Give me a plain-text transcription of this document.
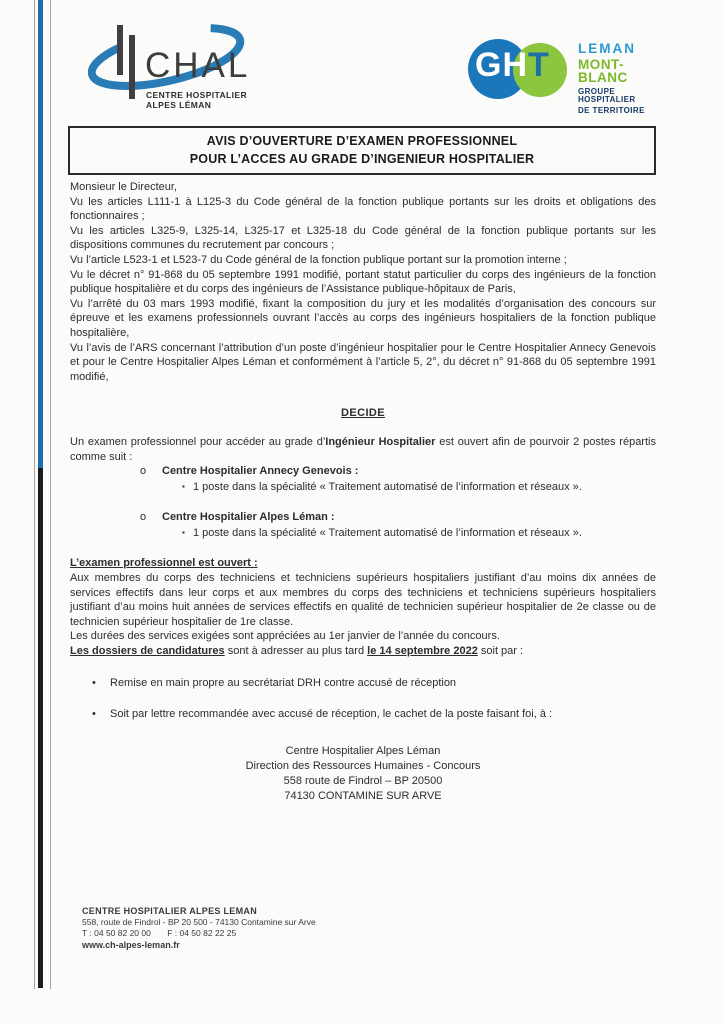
CHAL
CENTRE HOSPITALIER
ALPES LÉMAN
GHT LEMAN
MONT-BLANC
GROUPE HOSPITALIER
DE TERRITOIRE
AVIS D’OUVERTURE D’EXAMEN PROFESSIONNEL
POUR L’ACCES AU GRADE D’INGENIEUR HOSPITALIER

Monsieur le Directeur,

Vu les articles L111-1 à L125-3 du Code général de la fonction publique portants sur les droits et obligations des fonctionnaires ;

Vu les articles L325-9, L325-14, L325-17 et L325-18 du Code général de la fonction publique portants sur les dispositions communes du recrutement par concours ;

Vu l’article L523-1 et L523-7 du Code général de la fonction publique portant sur la promotion interne ;

Vu le décret n° 91-868 du 05 septembre 1991 modifié, portant statut particulier du corps des ingénieurs de la fonction publique hospitalière et du corps des ingénieurs de l’Assistance publique-hôpitaux de Paris,

Vu l’arrêté du 03 mars 1993 modifié, fixant la composition du jury et les modalités d’organisation des concours sur épreuve et les examens professionnels ouvrant l’accès au corps des ingénieurs hospitaliers de la fonction publique hospitalière,

Vu l’avis de l’ARS concernant l’attribution d’un poste d’ingénieur hospitalier pour le Centre Hospitalier Annecy Genevois et pour le Centre Hospitalier Alpes Léman et conformément à l’article 5, 2°, du décret n° 91-868 du 05 septembre 1991 modifié,

DECIDE

Un examen professionnel pour accéder au grade d’Ingénieur Hospitalier est ouvert afin de pourvoir 2 postes répartis comme suit :

o	Centre Hospitalier Annecy Genevois :
▪ 1 poste dans la spécialité « Traitement automatisé de l’information et réseaux ».
o	Centre Hospitalier Alpes Léman :
▪ 1 poste dans la spécialité « Traitement automatisé de l’information et réseaux ».

L’examen professionnel est ouvert :

Aux membres du corps des techniciens et techniciens supérieurs hospitaliers justifiant d’au moins dix années de services effectifs dans leur corps et aux membres du corps des techniciens et techniciens supérieurs hospitaliers justifiant d’au moins huit années de services effectifs en qualité de technicien supérieur hospitalier de 2e classe ou de technicien supérieur hospitalier de 1re classe.

Les durées des services exigées sont appréciées au 1er janvier de l’année du concours.

Les dossiers de candidatures sont à adresser au plus tard le 14 septembre 2022 soit par :

•	Remise en main propre au secrétariat DRH contre accusé de réception
•	Soit par lettre recommandée avec accusé de réception, le cachet de la poste faisant foi, à :
Centre Hospitalier Alpes Léman
Direction des Ressources Humaines - Concours
558 route de Findrol – BP 20500
74130 CONTAMINE SUR ARVE
CENTRE HOSPITALIER ALPES LEMAN
558, route de Findrol - BP 20 500 - 74130 Contamine sur Arve
T : 04 50 82 20 00 F : 04 50 82 22 25
www.ch-alpes-leman.fr
